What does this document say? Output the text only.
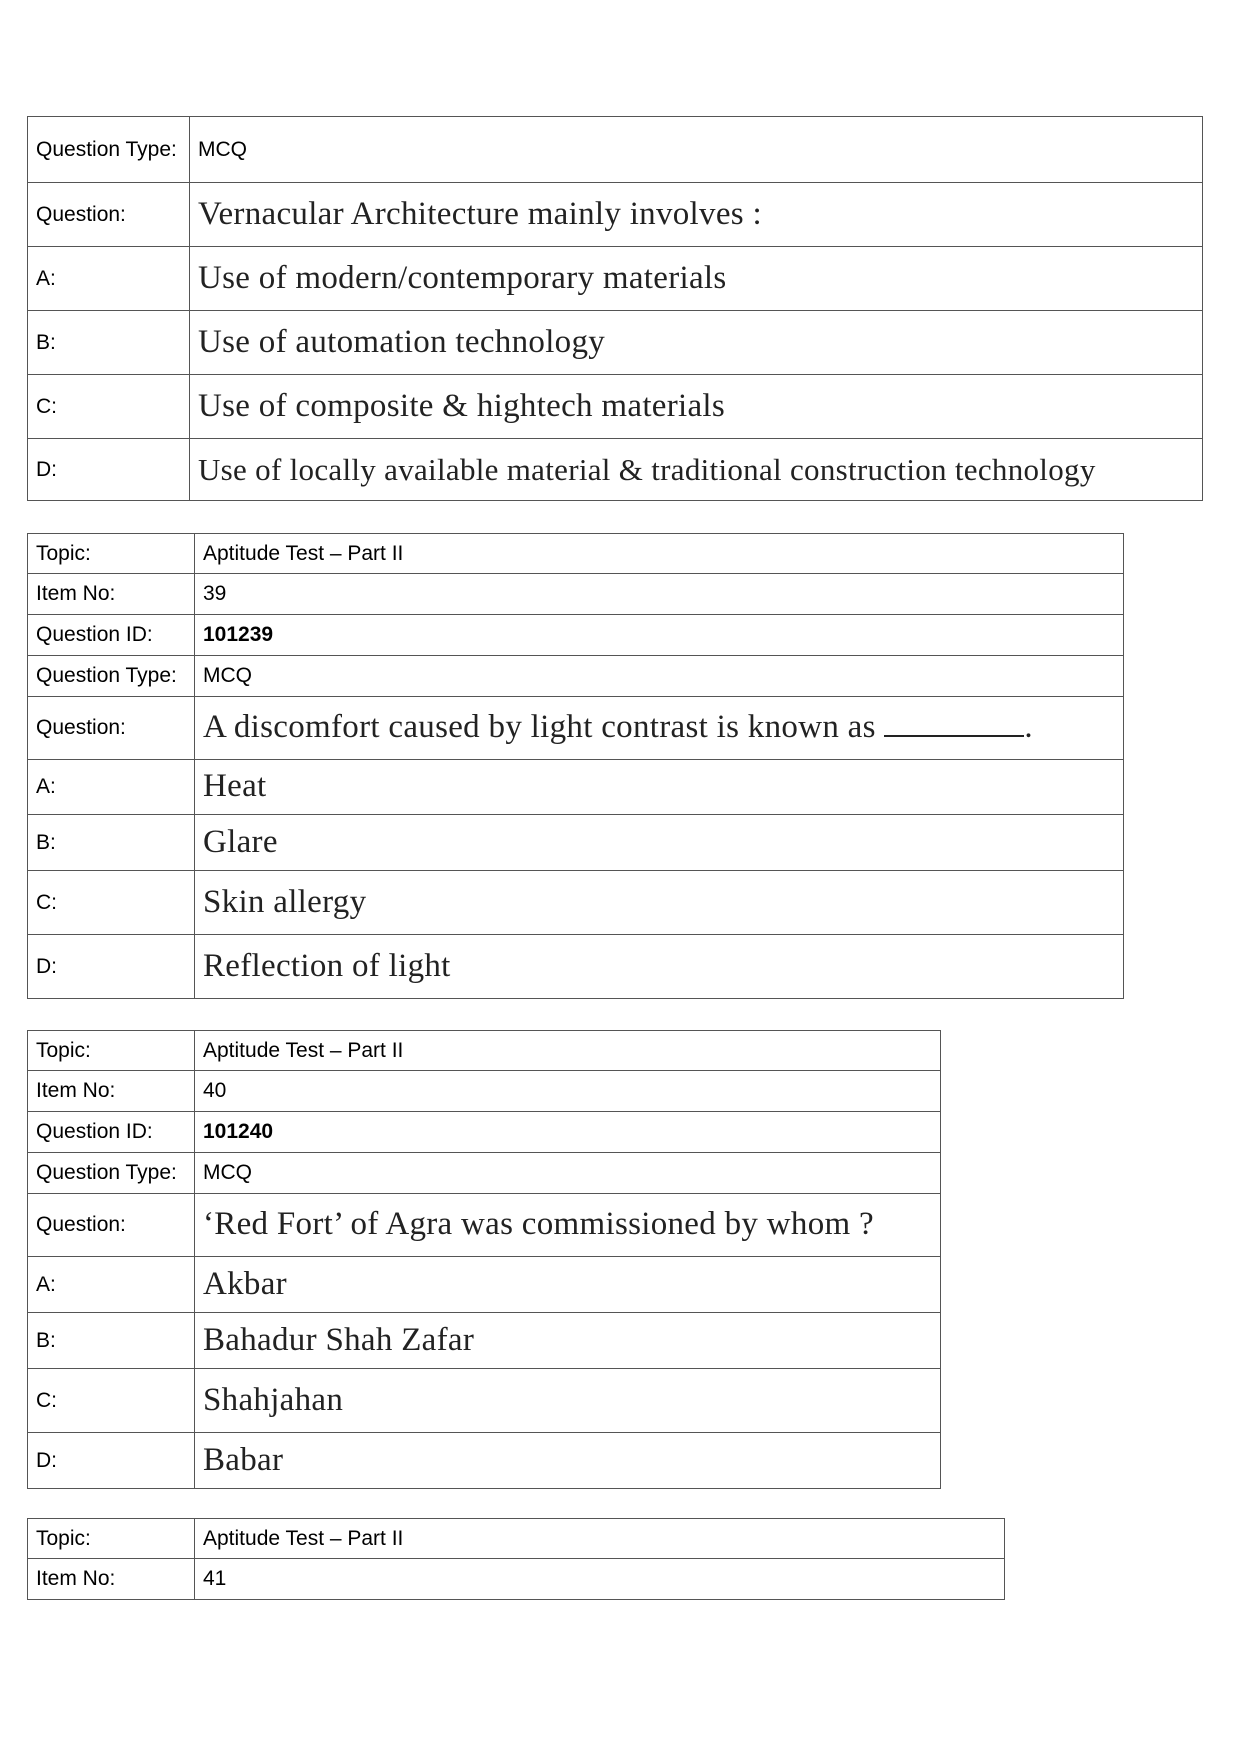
Question Type:	MCQ
Question:	Vernacular Architecture mainly involves :
A:	Use of modern/contemporary materials
B:	Use of automation technology
C:	Use of composite & hightech materials
D:	Use of locally available material & traditional construction technology
Topic:	Aptitude Test – Part II
Item No:	39
Question ID:	101239
Question Type:	MCQ
Question:	A discomfort caused by light contrast is known as .
A:	Heat
B:	Glare
C:	Skin allergy
D:	Reflection of light
Topic:	Aptitude Test – Part II
Item No:	40
Question ID:	101240
Question Type:	MCQ
Question:	‘Red Fort’ of Agra was commissioned by whom ?
A:	Akbar
B:	Bahadur Shah Zafar
C:	Shahjahan
D:	Babar
Topic:	Aptitude Test – Part II
Item No:	41
